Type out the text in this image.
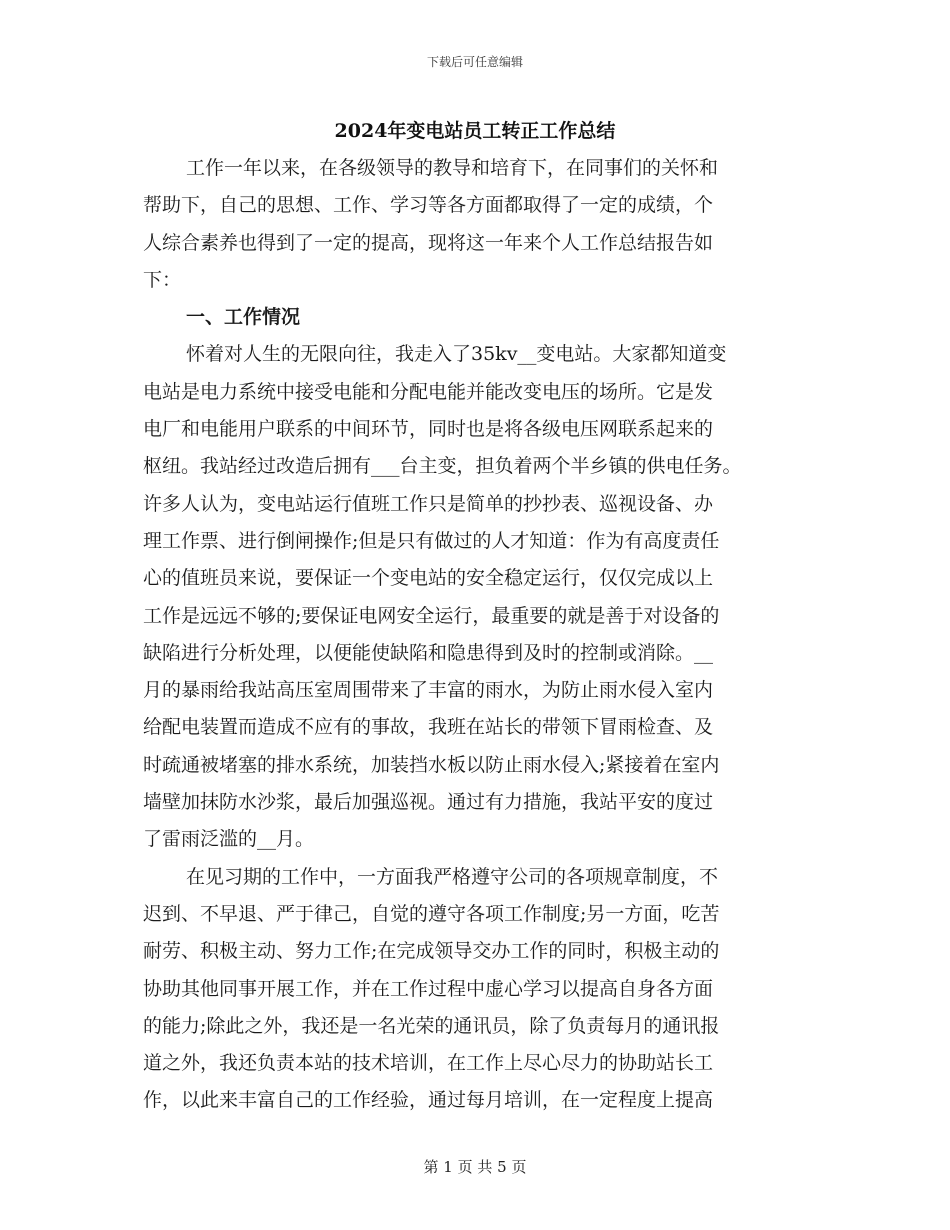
下载后可任意编辑
2024年变电站员工转正工作总结
工作一年以来，在各级领导的教导和培育下，在同事们的关怀和
帮助下，自己的思想、工作、学习等各方面都取得了一定的成绩，个
人综合素养也得到了一定的提高，现将这一年来个人工作总结报告如
下：
一、工作情况
怀着对人生的无限向往，我走入了35kv__变电站。大家都知道变
电站是电力系统中接受电能和分配电能并能改变电压的场所。它是发
电厂和电能用户联系的中间环节，同时也是将各级电压网联系起来的
枢纽。我站经过改造后拥有___台主变，担负着两个半乡镇的供电任务。
许多人认为，变电站运行值班工作只是简单的抄抄表、巡视设备、办
理工作票、进行倒闸操作;但是只有做过的人才知道：作为有高度责任
心的值班员来说，要保证一个变电站的安全稳定运行，仅仅完成以上
工作是远远不够的;要保证电网安全运行，最重要的就是善于对设备的
缺陷进行分析处理，以便能使缺陷和隐患得到及时的控制或消除。__
月的暴雨给我站高压室周围带来了丰富的雨水，为防止雨水侵入室内
给配电装置而造成不应有的事故，我班在站长的带领下冒雨检查、及
时疏通被堵塞的排水系统，加装挡水板以防止雨水侵入;紧接着在室内
墙壁加抹防水沙浆，最后加强巡视。通过有力措施，我站平安的度过
了雷雨泛滥的__月。
在见习期的工作中，一方面我严格遵守公司的各项规章制度，不
迟到、不早退、严于律己，自觉的遵守各项工作制度;另一方面，吃苦
耐劳、积极主动、努力工作;在完成领导交办工作的同时，积极主动的
协助其他同事开展工作，并在工作过程中虚心学习以提高自身各方面
的能力;除此之外，我还是一名光荣的通讯员，除了负责每月的通讯报
道之外，我还负责本站的技术培训，在工作上尽心尽力的协助站长工
作，以此来丰富自己的工作经验，通过每月培训，在一定程度上提高
第 1 页 共 5 页
